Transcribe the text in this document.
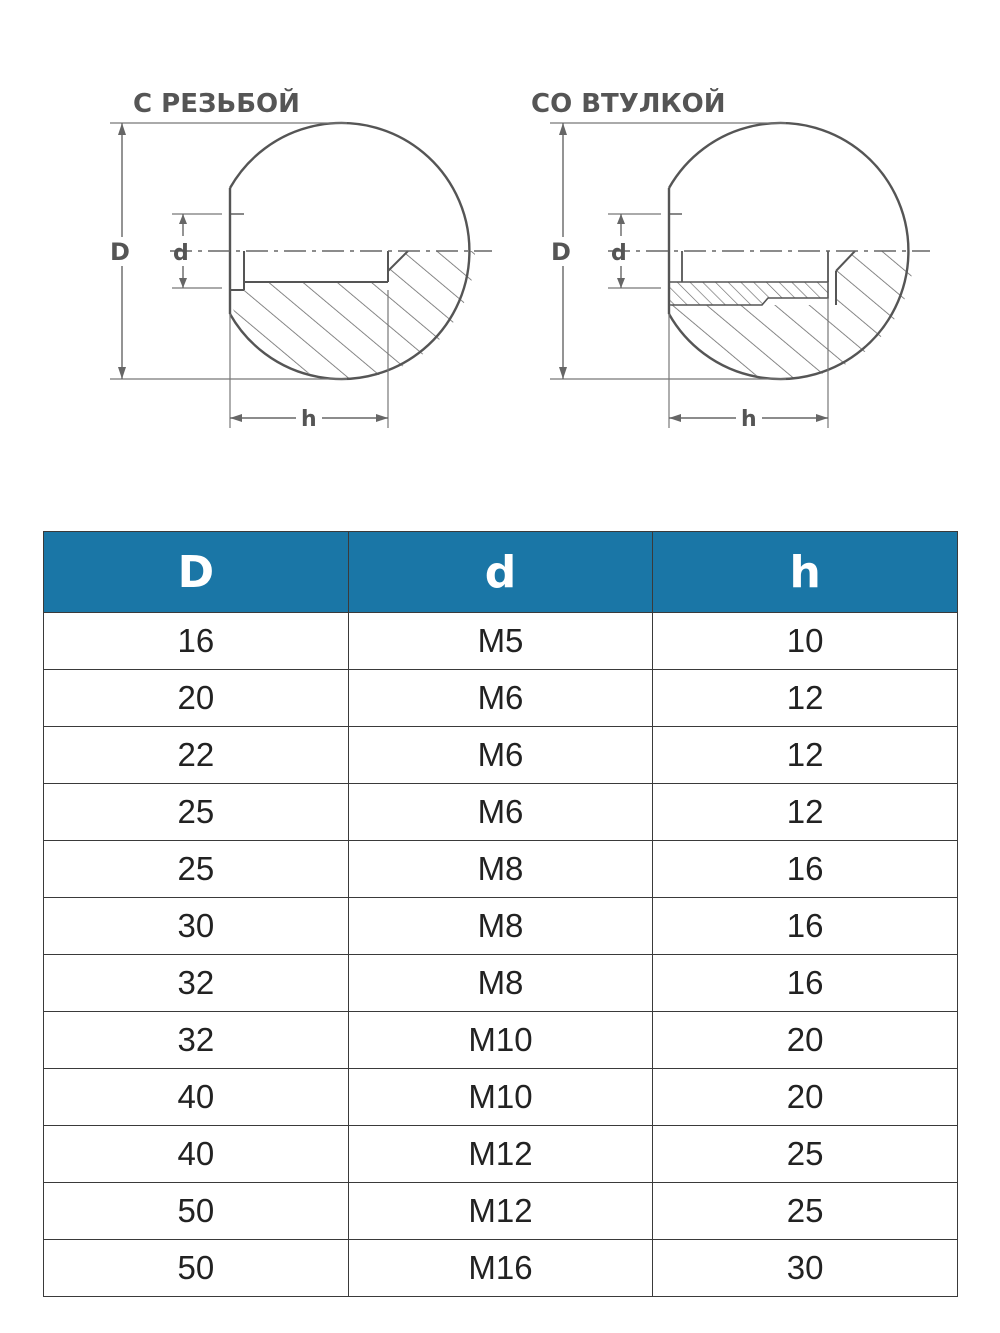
С РЕЗЬБОЙ
D d
h
СО ВТУЛКОЙ
D d
h
D	d	h
16	M5	10
20	M6	12
22	M6	12
25	M6	12
25	M8	16
30	M8	16
32	M8	16
32	M10	20
40	M10	20
40	M12	25
50	M12	25
50	M16	30
